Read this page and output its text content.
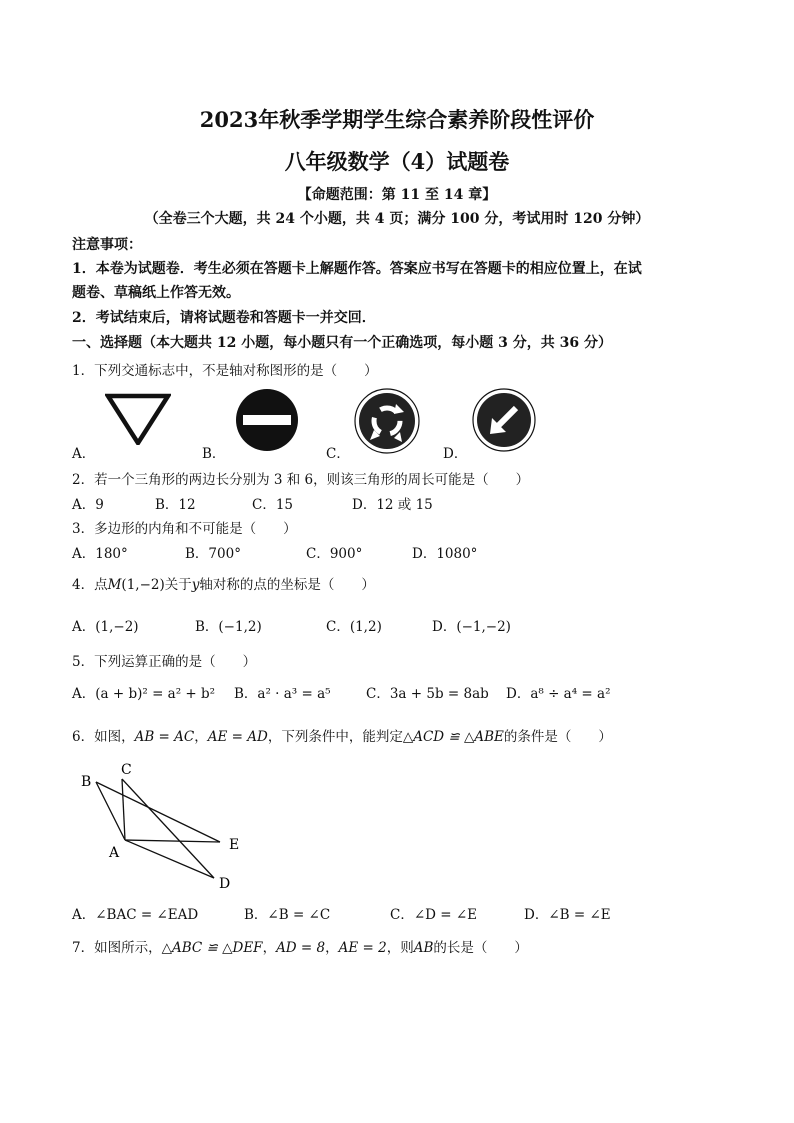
2023年秋季学期学生综合素养阶段性评价
八年级数学（4）试题卷
【命题范围：第 11 至 14 章】
（全卷三个大题，共 24 个小题，共 4 页；满分 100 分，考试用时 120 分钟）
注意事项：
1．本卷为试题卷．考生必须在答题卡上解题作答。答案应书写在答题卡的相应位置上，在试
题卷、草稿纸上作答无效。
2．考试结束后，请将试题卷和答题卡一并交回．
一、选择题（本大题共 12 小题，每小题只有一个正确选项，每小题 3 分，共 36 分）
1．下列交通标志中，不是轴对称图形的是（　　）
A．	B．	C．	D．
2．若一个三角形的两边长分别为 3 和 6，则该三角形的周长可能是（　　）
A．9	B．12	C．15	D．12 或 15
3．多边形的内角和不可能是（　　）
A．180°	B．700°	C．900°	D．1080°
4．点M(1,−2)关于y轴对称的点的坐标是（　　）
A．(1,−2)	B．(−1,2)	C．(1,2)	D．(−1,−2)
5．下列运算正确的是（　　）
A．(a + b)² = a² + b² B．a² · a³ = a⁵	C．3a + 5b = 8ab D．a⁸ ÷ a⁴ = a²
6．如图，AB = AC，AE = AD，下列条件中，能判定△ACD ≌ △ABE的条件是（　　）
B
C
A	E
D
A．∠BAC = ∠EAD	B．∠B = ∠C	C．∠D = ∠E	D．∠B = ∠E
7．如图所示，△ABC ≌ △DEF，AD = 8，AE = 2，则AB的长是（　　）
